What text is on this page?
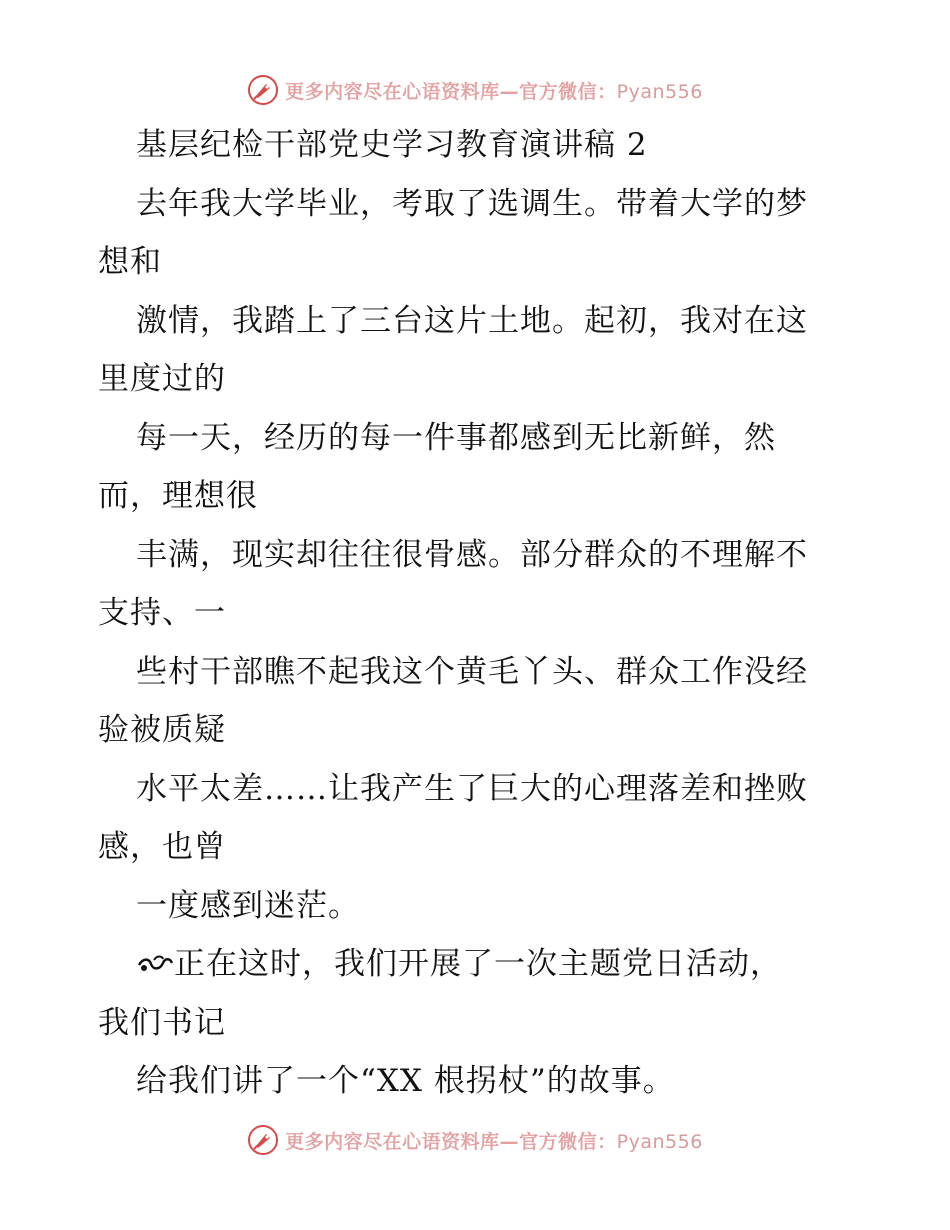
更多内容尽在心语资料库—官方微信：Pyan556
基层纪检干部党史学习教育演讲稿 2
去年我大学毕业，考取了选调生。带着大学的梦
想和
激情，我踏上了三台这片土地。起初，我对在这
里度过的
每一天，经历的每一件事都感到无比新鲜，然
而，理想很
丰满，现实却往往很骨感。部分群众的不理解不
支持、一
些村干部瞧不起我这个黄毛丫头、群众工作没经
验被质疑
水平太差……让我产生了巨大的心理落差和挫败
感，也曾
一度感到迷茫。
正在这时，我们开展了一次主题党日活动，
我们书记
给我们讲了一个“XX 根拐杖”的故事。
更多内容尽在心语资料库—官方微信：Pyan556
